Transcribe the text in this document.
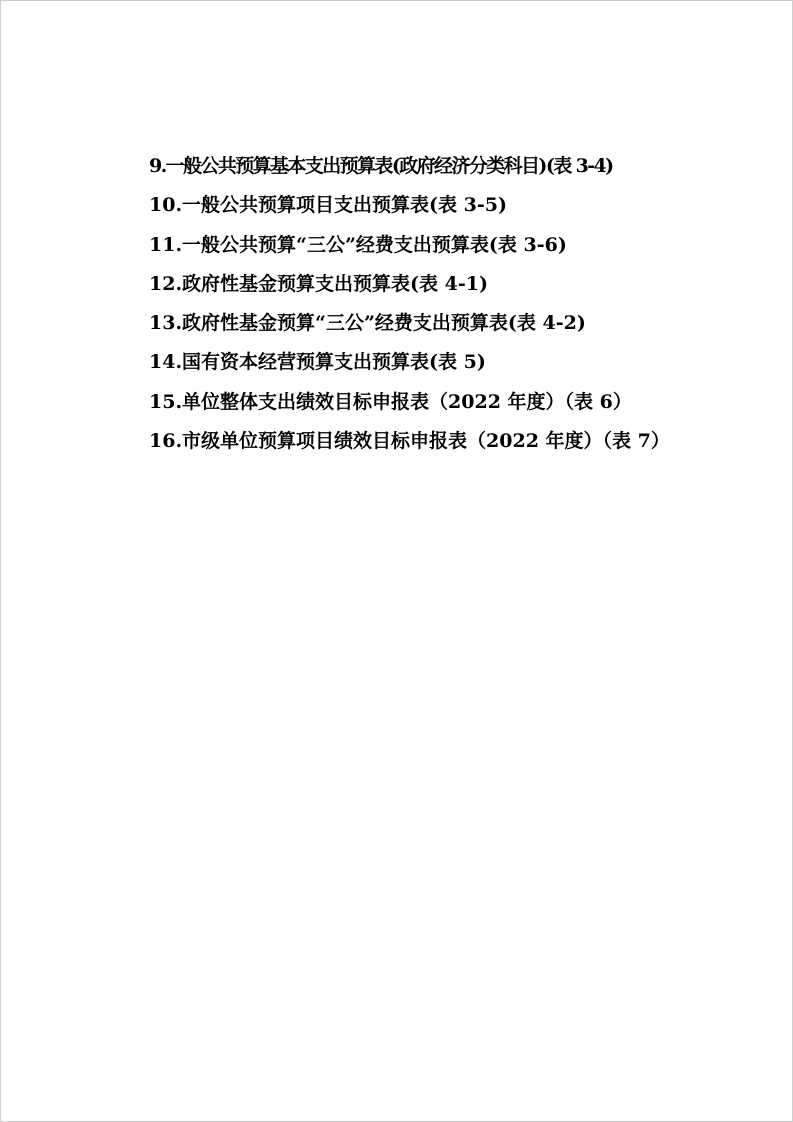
9.一般公共预算基本支出预算表(政府经济分类科目)(表 3-4)
10.一般公共预算项目支出预算表(表 3-5)
11.一般公共预算“三公”经费支出预算表(表 3-6)
12.政府性基金预算支出预算表(表 4-1)
13.政府性基金预算“三公”经费支出预算表(表 4-2)
14.国有资本经营预算支出预算表(表 5)
15.单位整体支出绩效目标申报表（2022 年度）（表 6）
16.市级单位预算项目绩效目标申报表（2022 年度）（表 7）
